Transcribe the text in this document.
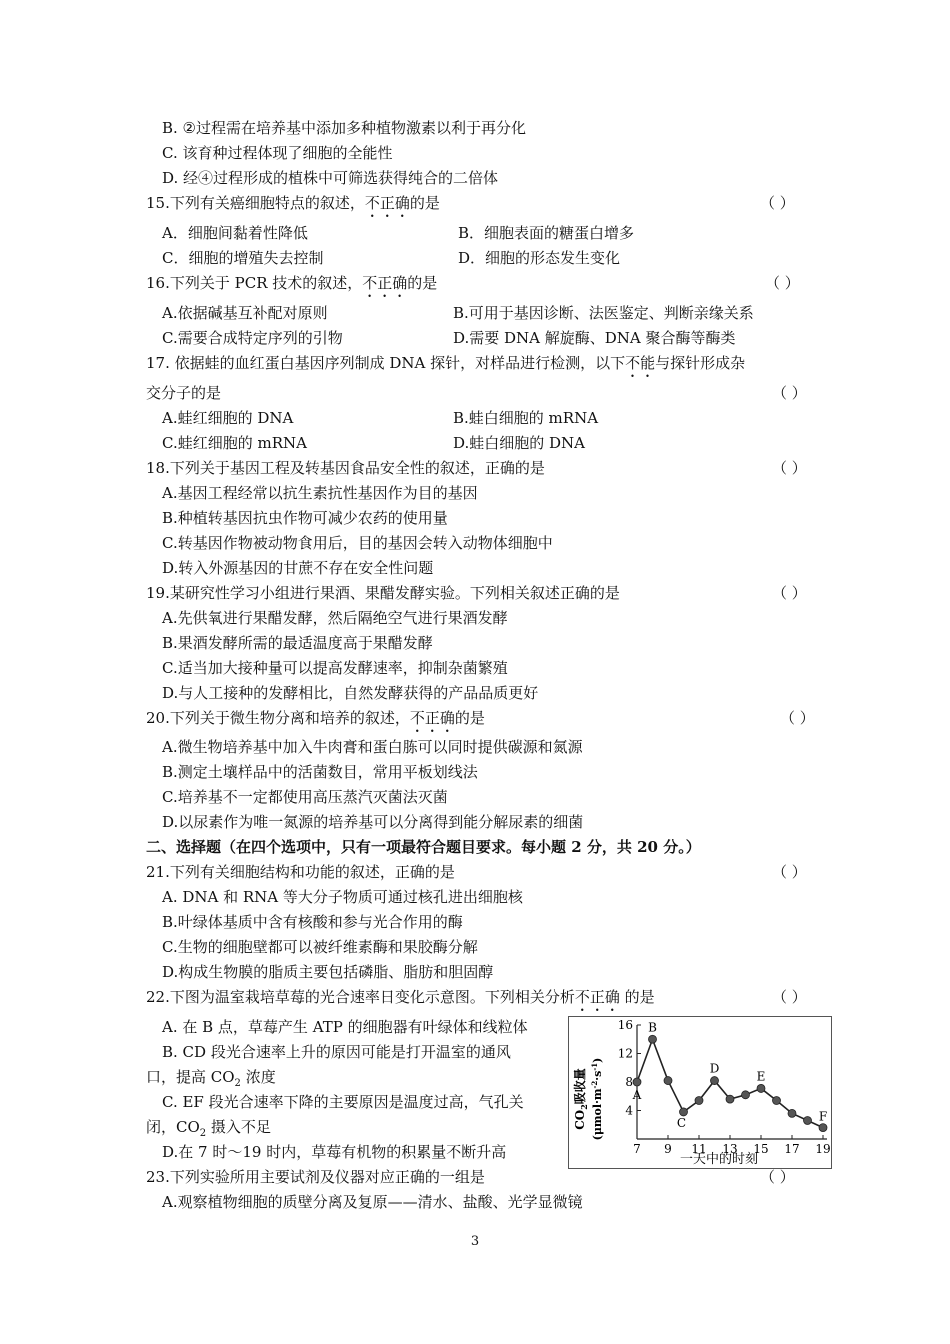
B. ②过程需在培养基中添加多种植物激素以利于再分化
C. 该育种过程体现了细胞的全能性
D. 经④过程形成的植株中可筛选获得纯合的二倍体
15.下列有关癌细胞特点的叙述，不正确的是	（ ）
A．细胞间黏着性降低	B．细胞表面的糖蛋白增多
C．细胞的增殖失去控制	D．细胞的形态发生变化
16.下列关于 PCR 技术的叙述，不正确的是	（ ）
A.依据碱基互补配对原则	B.可用于基因诊断、法医鉴定、判断亲缘关系
C.需要合成特定序列的引物	D.需要 DNA 解旋酶、DNA 聚合酶等酶类
17. 依据蛙的血红蛋白基因序列制成 DNA 探针，对样品进行检测，以下不能与探针形成杂
交分子的是	（ ）
A.蛙红细胞的 DNA	B.蛙白细胞的 mRNA
C.蛙红细胞的 mRNA	D.蛙白细胞的 DNA
18.下列关于基因工程及转基因食品安全性的叙述，正确的是	（ ）
A.基因工程经常以抗生素抗性基因作为目的基因
B.种植转基因抗虫作物可减少农药的使用量
C.转基因作物被动物食用后，目的基因会转入动物体细胞中
D.转入外源基因的甘蔗不存在安全性问题
19.某研究性学习小组进行果酒、果醋发酵实验。下列相关叙述正确的是	（ ）
A.先供氧进行果醋发酵，然后隔绝空气进行果酒发酵
B.果酒发酵所需的最适温度高于果醋发酵
C.适当加大接种量可以提高发酵速率，抑制杂菌繁殖
D.与人工接种的发酵相比，自然发酵获得的产品品质更好
20.下列关于微生物分离和培养的叙述，不正确的是	（ ）
A.微生物培养基中加入牛肉膏和蛋白胨可以同时提供碳源和氮源
B.测定土壤样品中的活菌数目，常用平板划线法
C.培养基不一定都使用高压蒸汽灭菌法灭菌
D.以尿素作为唯一氮源的培养基可以分离得到能分解尿素的细菌
二、选择题（在四个选项中，只有一项最符合题目要求。每小题 2 分，共 20 分。）
21.下列有关细胞结构和功能的叙述，正确的是	（ ）
A. DNA 和 RNA 等大分子物质可通过核孔进出细胞核
B.叶绿体基质中含有核酸和参与光合作用的酶
C.生物的细胞壁都可以被纤维素酶和果胶酶分解
D.构成生物膜的脂质主要包括磷脂、脂肪和胆固醇
22.下图为温室栽培草莓的光合速率日变化示意图。下列相关分析不正确 的是	（ ）
A. 在 B 点，草莓产生 ATP 的细胞器有叶绿体和线粒体
B. CD 段光合速率上升的原因可能是打开温室的通风
口，提高 $CO_2$ 浓度
C. EF 段光合速率下降的主要原因是温度过高，气孔关
闭，$CO_2$ 摄入不足
D.在 7 时～19 时内，草莓有机物的积累量不断升高
4
8
12
16
7 9 11 13 15 17 19
A
B
C
D
E
F
一天中的时刻
$CO_2$吸收量
$(\mu mol\cdot m^{-2}\cdot s^{-1})$
23.下列实验所用主要试剂及仪器对应正确的一组是	（ ）
A.观察植物细胞的质壁分离及复原——清水、盐酸、光学显微镜
3
